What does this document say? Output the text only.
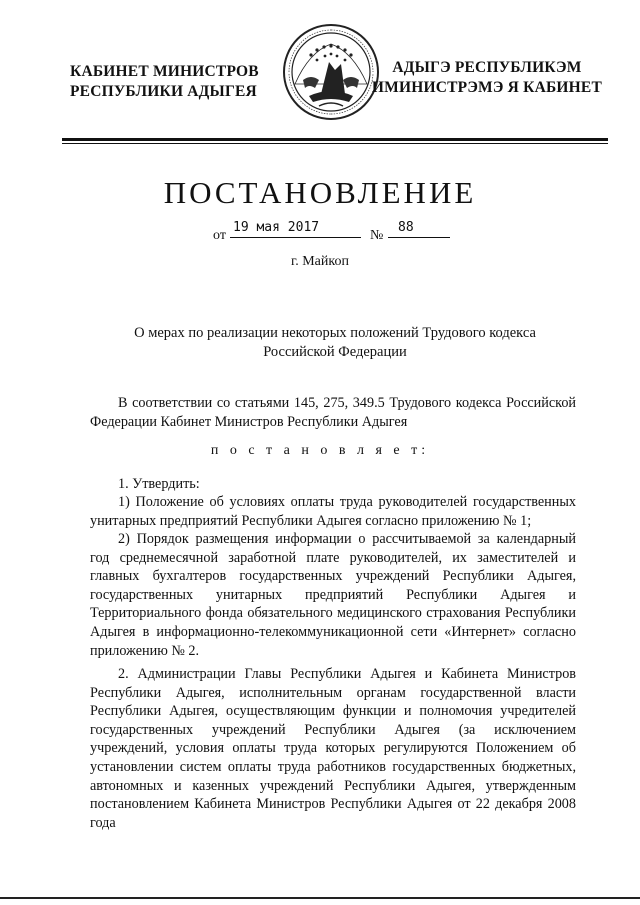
КАБИНЕТ МИНИСТРОВ
РЕСПУБЛИКИ АДЫГЕЯ
АДЫГЭ РЕСПУБЛИКЭМ
ИМИНИСТРЭМЭ Я КАБИНЕТ
ПОСТАНОВЛЕНИЕ
от
19 мая 2017
№
88
г. Майкоп
О мерах по реализации некоторых положений Трудового кодекса
Российской Федерации
В соответствии со статьями 145, 275, 349.5 Трудового кодекса Российской Федерации Кабинет Министров Республики Адыгея
п о с т а н о в л я е т:
1. Утвердить:
1) Положение об условиях оплаты труда руководителей государственных унитарных предприятий Республики Адыгея согласно приложению № 1;
2) Порядок размещения информации о рассчитываемой за календарный год среднемесячной заработной плате руководителей, их заместителей и главных бухгалтеров государственных учреждений Республики Адыгея, государственных унитарных предприятий Республики Адыгея и Территориального фонда обязательного медицинского страхования Республики Адыгея в информационно-телекоммуникационной сети «Интернет» согласно приложению № 2.
2. Администрации Главы Республики Адыгея и Кабинета Министров Республики Адыгея, исполнительным органам государственной власти Республики Адыгея, осуществляющим функции и полномочия учредителей государственных учреждений Республики Адыгея (за исключением учреждений, условия оплаты труда которых регулируются Положением об установлении систем оплаты труда работников государственных бюджетных, автономных и казенных учреждений Республики Адыгея, утвержденным постановлением Кабинета Министров Республики Адыгея от 22 декабря 2008 года
